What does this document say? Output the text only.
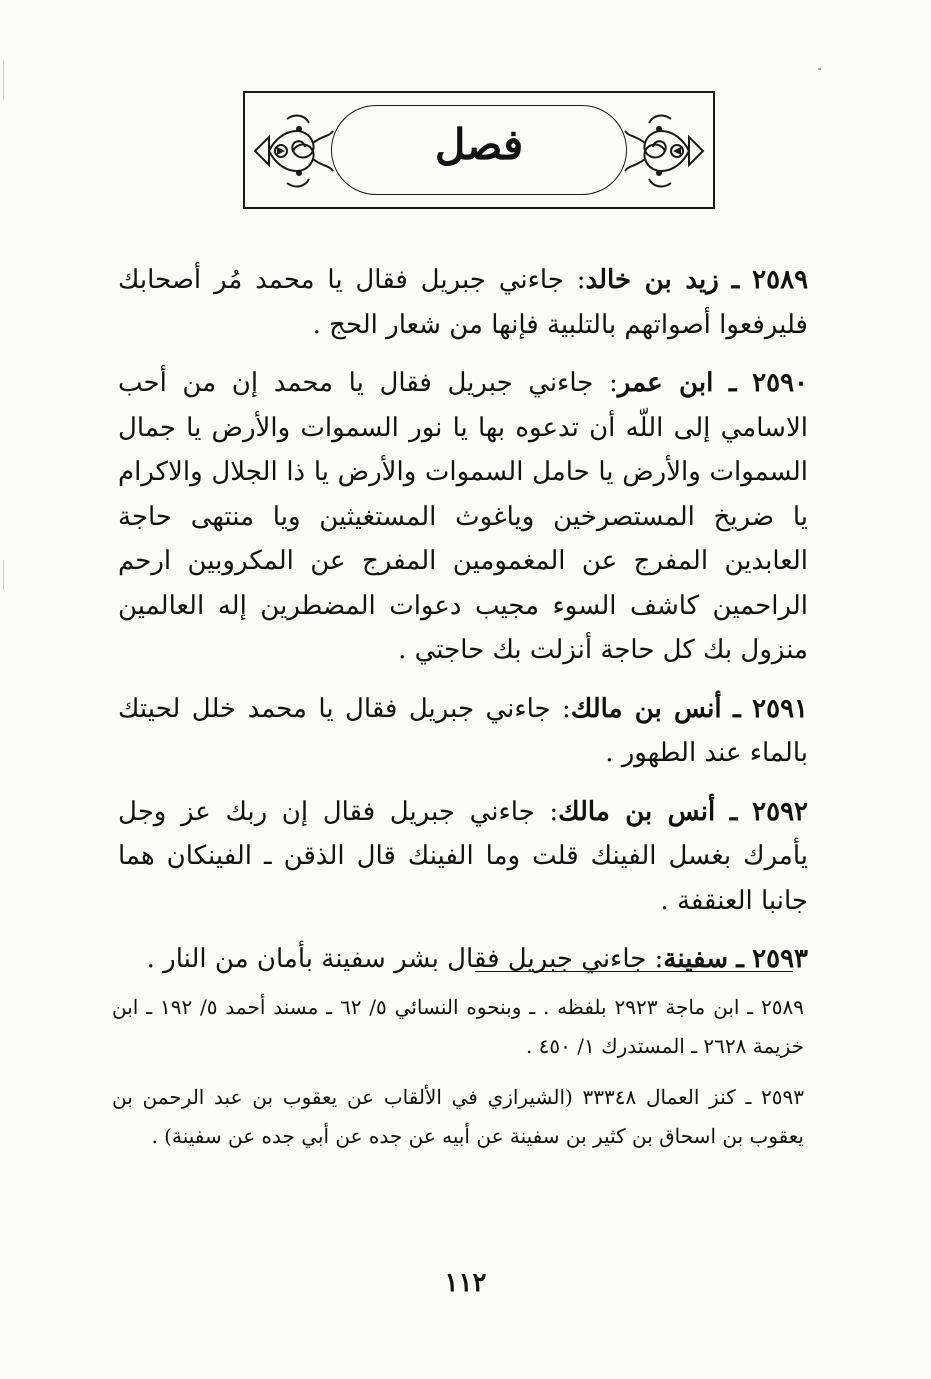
فصل

٢٥٨٩ ـ زيد بن خالد: جاءني جبريل فقال يا محمد مُر أصحابك فليرفعوا أصواتهم بالتلبية فإنها من شعار الحج .

٢٥٩٠ ـ ابن عمر: جاءني جبريل فقال يا محمد إن من أحب الاسامي إلى اللّه أن تدعوه بها يا نور السموات والأرض يا جمال السموات والأرض يا حامل السموات والأرض يا ذا الجلال والاكرام يا ضريخ المستصرخين وياغوث المستغيثين ويا منتهى حاجة العابدين المفرج عن المغمومين المفرج عن المكروبين ارحم الراحمين كاشف السوء مجيب دعوات المضطرين إله العالمين منزول بك كل حاجة أنزلت بك حاجتي .

٢٥٩١ ـ أنس بن مالك: جاءني جبريل فقال يا محمد خلل لحيتك بالماء عند الطهور .

٢٥٩٢ ـ أنس بن مالك: جاءني جبريل فقال إن ربك عز وجل يأمرك بغسل الفينك قلت وما الفينك قال الذقن ـ الفينكان هما جانبا العنقفة .

٢٥٩٣ ـ سفينة: جاءني جبريل فقال بشر سفينة بأمان من النار .

٢٥٨٩ ـ ابن ماجة ٢٩٢٣ بلفظه . ـ وبنحوه النسائي ٥/ ٦٢ ـ مسند أحمد ٥/ ١٩٢ ـ ابن خزيمة ٢٦٢٨ ـ المستدرك ١/ ٤٥٠ .

٢٥٩٣ ـ كنز العمال ٣٣٣٤٨ (الشيرازي في الألقاب عن يعقوب بن عبد الرحمن بن يعقوب بن اسحاق بن كثير بن سفينة عن أبيه عن جده عن أبي جده عن سفينة) .

١١٢
